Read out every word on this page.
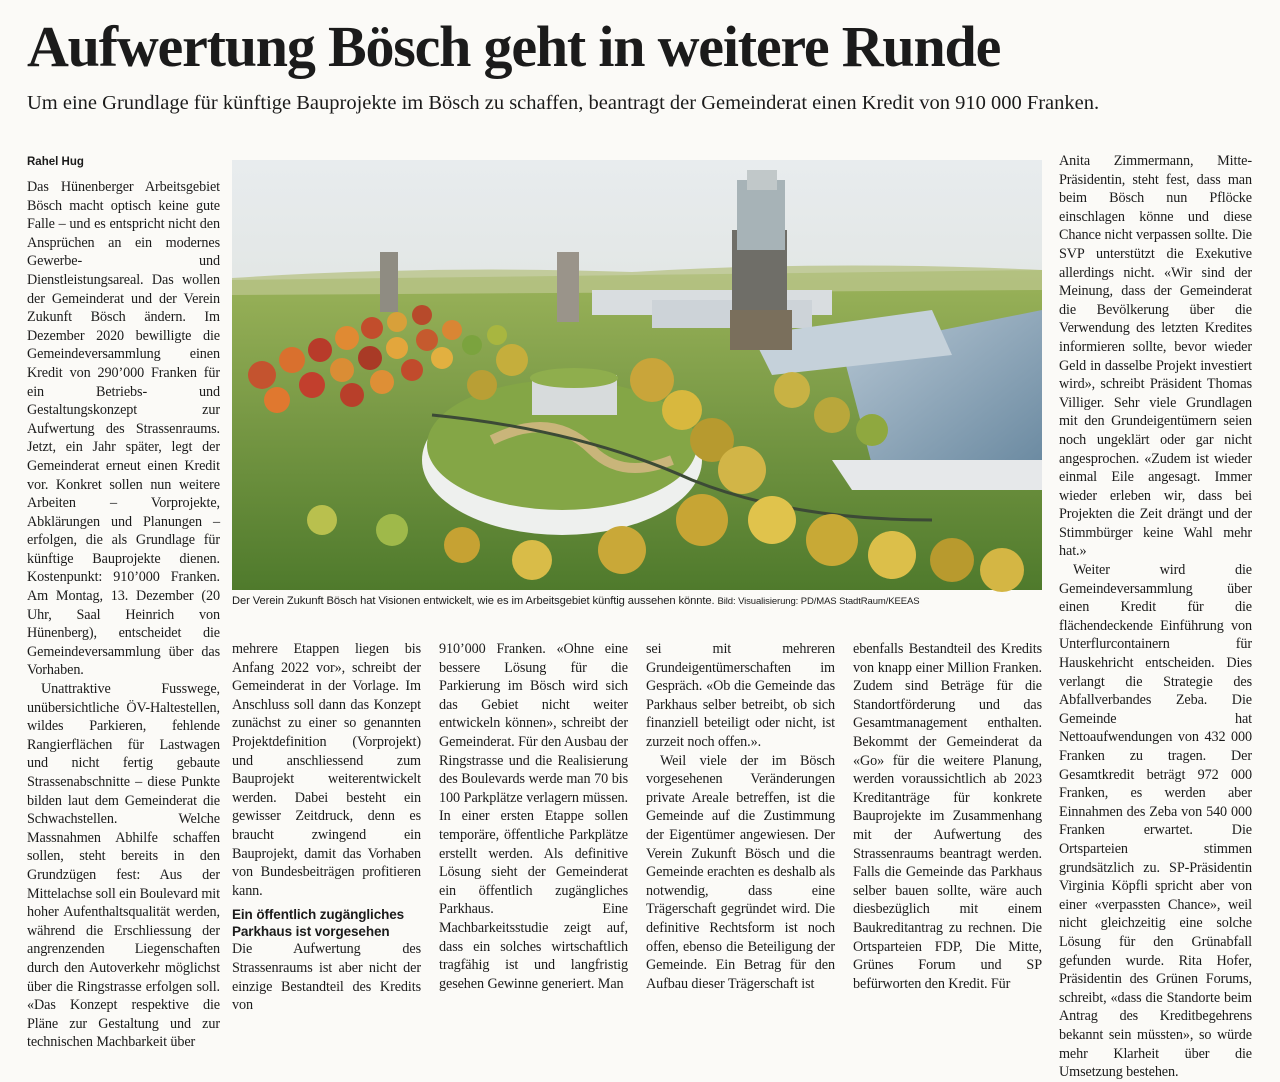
Aufwertung Bösch geht in weitere Runde

Um eine Grundlage für künftige Bauprojekte im Bösch zu schaffen, beantragt der Gemeinderat einen Kredit von 910 000 Franken.

Rahel Hug

Das Hünenberger Arbeitsgebiet Bösch macht optisch keine gute Falle – und es entspricht nicht den Ansprüchen an ein modernes Gewerbe- und Dienstleistungsareal. Das wollen der Gemeinderat und der Verein Zukunft Bösch ändern. Im Dezember 2020 bewilligte die Gemeindeversammlung einen Kredit von 290’000 Franken für ein Betriebs- und Gestaltungskonzept zur Aufwertung des Strassenraums. Jetzt, ein Jahr später, legt der Gemeinderat erneut einen Kredit vor. Konkret sollen nun weitere Arbeiten – Vorprojekte, Abklärungen und Planungen – erfolgen, die als Grundlage für künftige Bauprojekte dienen. Kostenpunkt: 910’000 Franken. Am Montag, 13. Dezember (20 Uhr, Saal Heinrich von Hünenberg), entscheidet die Gemeindeversammlung über das Vorhaben.

Unattraktive Fusswege, unübersichtliche ÖV-Haltestellen, wildes Parkieren, fehlende Rangierflächen für Lastwagen und nicht fertig gebaute Strassenabschnitte – diese Punkte bilden laut dem Gemeinderat die Schwachstellen. Welche Massnahmen Abhilfe schaffen sollen, steht bereits in den Grundzügen fest: Aus der Mittelachse soll ein Boulevard mit hoher Aufenthaltsqualität werden, während die Erschliessung der angrenzenden Liegenschaften durch den Autoverkehr möglichst über die Ringstrasse erfolgen soll. «Das Konzept respektive die Pläne zur Gestaltung und zur technischen Machbarkeit über

Der Verein Zukunft Bösch hat Visionen entwickelt, wie es im Arbeitsgebiet künftig aussehen könnte. Bild: Visualisierung: PD/MAS StadtRaum/KEEAS

mehrere Etappen liegen bis Anfang 2022 vor», schreibt der Gemeinderat in der Vorlage. Im Anschluss soll dann das Konzept zunächst zu einer so genannten Projektdefinition (Vorprojekt) und anschliessend zum Bauprojekt weiterentwickelt werden. Dabei besteht ein gewisser Zeitdruck, denn es braucht zwingend ein Bauprojekt, damit das Vorhaben von Bundesbeiträgen profitieren kann.

Ein öffentlich zugängliches Parkhaus ist vorgesehen

Die Aufwertung des Strassenraums ist aber nicht der einzige Bestandteil des Kredits von

910’000 Franken. «Ohne eine bessere Lösung für die Parkierung im Bösch wird sich das Gebiet nicht weiter entwickeln können», schreibt der Gemeinderat. Für den Ausbau der Ringstrasse und die Realisierung des Boulevards werde man 70 bis 100 Parkplätze verlagern müssen. In einer ersten Etappe sollen temporäre, öffentliche Parkplätze erstellt werden. Als definitive Lösung sieht der Gemeinderat ein öffentlich zugängliches Parkhaus. Eine Machbarkeitsstudie zeigt auf, dass ein solches wirtschaftlich tragfähig ist und langfristig gesehen Gewinne generiert. Man

sei mit mehreren Grundeigentümerschaften im Gespräch. «Ob die Gemeinde das Parkhaus selber betreibt, ob sich finanziell beteiligt oder nicht, ist zurzeit noch offen.».

Weil viele der im Bösch vorgesehenen Veränderungen private Areale betreffen, ist die Gemeinde auf die Zustimmung der Eigentümer angewiesen. Der Verein Zukunft Bösch und die Gemeinde erachten es deshalb als notwendig, dass eine Trägerschaft gegründet wird. Die definitive Rechtsform ist noch offen, ebenso die Beteiligung der Gemeinde. Ein Betrag für den Aufbau dieser Trägerschaft ist

ebenfalls Bestandteil des Kredits von knapp einer Million Franken. Zudem sind Beträge für die Standortförderung und das Gesamtmanagement enthalten. Bekommt der Gemeinderat da «Go» für die weitere Planung, werden voraussichtlich ab 2023 Kreditanträge für konkrete Bauprojekte im Zusammenhang mit der Aufwertung des Strassenraums beantragt werden. Falls die Gemeinde das Parkhaus selber bauen sollte, wäre auch diesbezüglich mit einem Baukreditantrag zu rechnen. Die Ortsparteien FDP, Die Mitte, Grünes Forum und SP befürworten den Kredit. Für

Anita Zimmermann, Mitte-Präsidentin, steht fest, dass man beim Bösch nun Pflöcke einschlagen könne und diese Chance nicht verpassen sollte. Die SVP unterstützt die Exekutive allerdings nicht. «Wir sind der Meinung, dass der Gemeinderat die Bevölkerung über die Verwendung des letzten Kredites informieren sollte, bevor wieder Geld in dasselbe Projekt investiert wird», schreibt Präsident Thomas Villiger. Sehr viele Grundlagen mit den Grundeigentümern seien noch ungeklärt oder gar nicht angesprochen. «Zudem ist wieder einmal Eile angesagt. Immer wieder erleben wir, dass bei Projekten die Zeit drängt und der Stimmbürger keine Wahl mehr hat.»

Weiter wird die Gemeindeversammlung über einen Kredit für die flächendeckende Einführung von Unterflurcontainern für Hauskehricht entscheiden. Dies verlangt die Strategie des Abfallverbandes Zeba. Die Gemeinde hat Nettoaufwendungen von 432 000 Franken zu tragen. Der Gesamtkredit beträgt 972 000 Franken, es werden aber Einnahmen des Zeba von 540 000 Franken erwartet. Die Ortsparteien stimmen grundsätzlich zu. SP-Präsidentin Virginia Köpfli spricht aber von einer «verpassten Chance», weil nicht gleichzeitig eine solche Lösung für den Grünabfall gefunden wurde. Rita Hofer, Präsidentin des Grünen Forums, schreibt, «dass die Standorte beim Antrag des Kreditbegehrens bekannt sein müssten», so würde mehr Klarheit über die Umsetzung bestehen.
